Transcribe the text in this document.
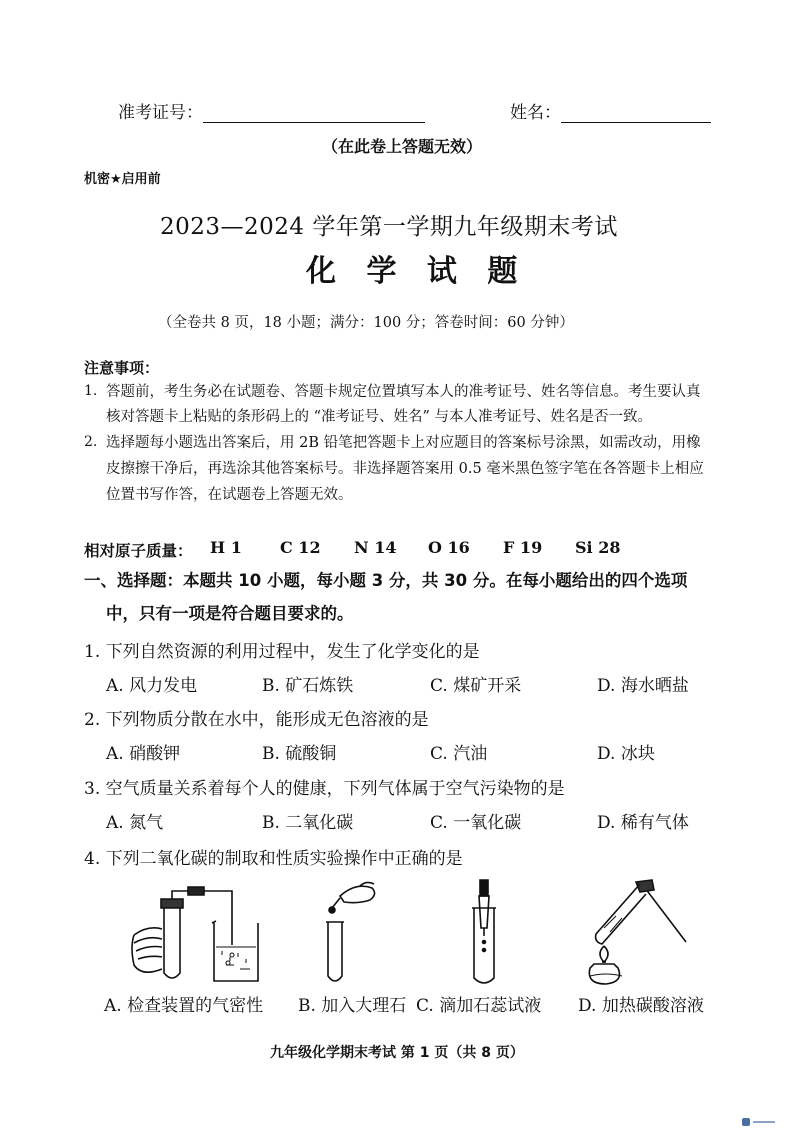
准考证号：	姓名：
（在此卷上答题无效）
机密★启用前
2023—2024 学年第一学期九年级期末考试
化 学 试 题
（全卷共 8 页，18 小题；满分：100 分；答卷时间：60 分钟）
注意事项：
1. 答题前，考生务必在试题卷、答题卡规定位置填写本人的准考证号、姓名等信息。考生要认真
核对答题卡上粘贴的条形码上的 “准考证号、姓名” 与本人准考证号、姓名是否一致。
2. 选择题每小题选出答案后，用 2B 铅笔把答题卡上对应题目的答案标号涂黑，如需改动，用橡
皮擦擦干净后，再选涂其他答案标号。非选择题答案用 0.5 毫米黑色签字笔在各答题卡上相应
位置书写作答，在试题卷上答题无效。
相对原子质量： H 1 C 12 N 14 O 16 F 19 Si 28
一、选择题：本题共 10 小题，每小题 3 分，共 30 分。在每小题给出的四个选项
中，只有一项是符合题目要求的。
1. 下列自然资源的利用过程中，发生了化学变化的是
A. 风力发电	B. 矿石炼铁	C. 煤矿开采	D. 海水晒盐
2. 下列物质分散在水中，能形成无色溶液的是
A. 硝酸钾	B. 硫酸铜	C. 汽油	D. 冰块
3. 空气质量关系着每个人的健康，下列气体属于空气污染物的是
A. 氮气	B. 二氧化碳	C. 一氧化碳	D. 稀有气体
4. 下列二氧化碳的制取和性质实验操作中正确的是
A. 检查装置的气密性 B. 加入大理石 C. 滴加石蕊试液 D. 加热碳酸溶液
九年级化学期末考试 第 1 页（共 8 页）
